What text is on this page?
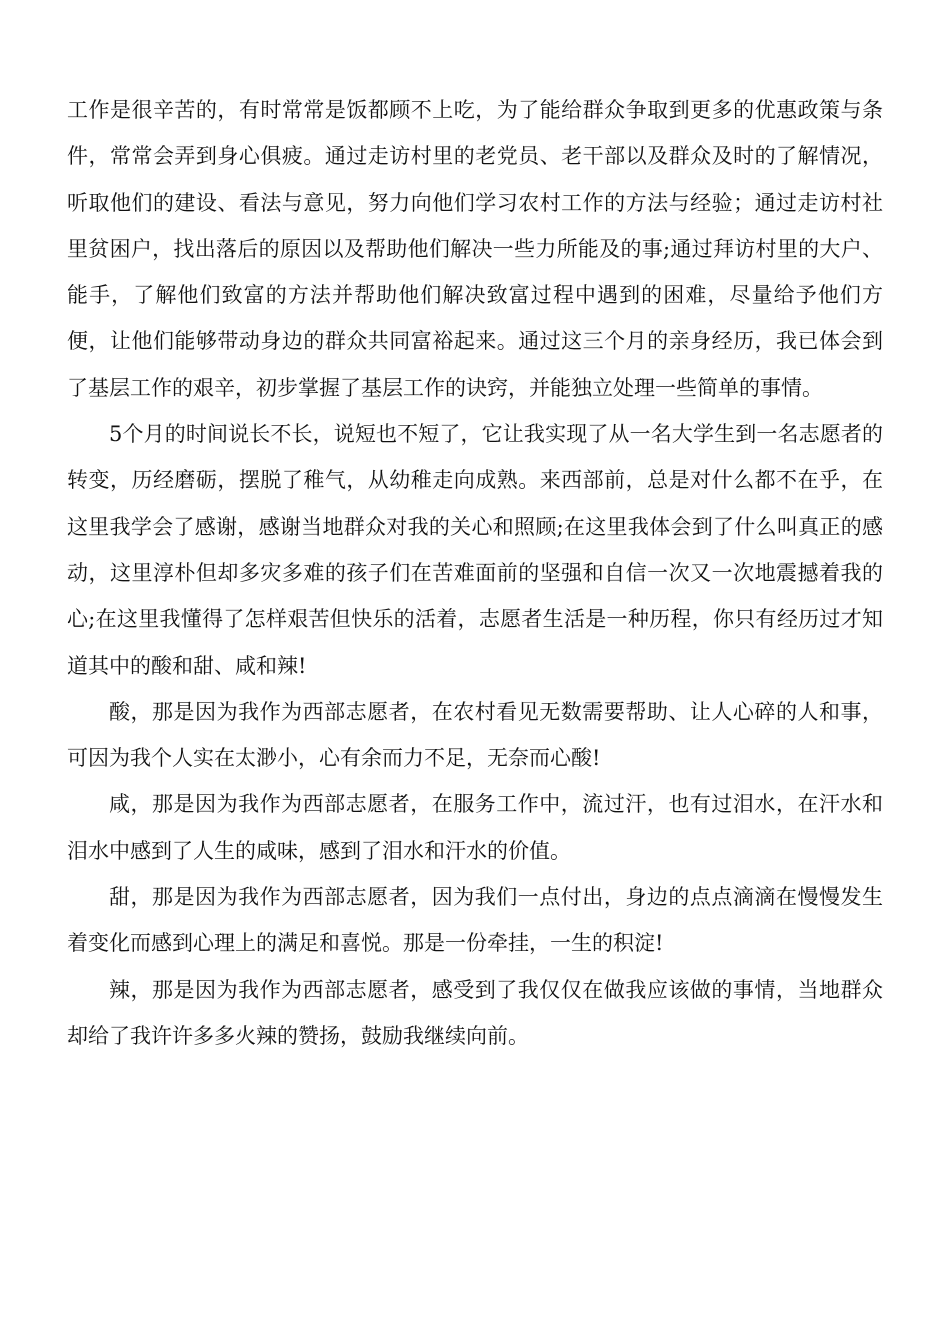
工作是很辛苦的，有时常常是饭都顾不上吃，为了能给群众争取到更多的优惠政策与条件，常常会弄到身心俱疲。通过走访村里的老党员、老干部以及群众及时的了解情况，听取他们的建设、看法与意见，努力向他们学习农村工作的方法与经验；通过走访村社里贫困户，找出落后的原因以及帮助他们解决一些力所能及的事;通过拜访村里的大户、能手，了解他们致富的方法并帮助他们解决致富过程中遇到的困难，尽量给予他们方便，让他们能够带动身边的群众共同富裕起来。通过这三个月的亲身经历，我已体会到了基层工作的艰辛，初步掌握了基层工作的诀窍，并能独立处理一些简单的事情。

5个月的时间说长不长，说短也不短了，它让我实现了从一名大学生到一名志愿者的转变，历经磨砺，摆脱了稚气，从幼稚走向成熟。来西部前，总是对什么都不在乎，在这里我学会了感谢，感谢当地群众对我的关心和照顾;在这里我体会到了什么叫真正的感动，这里淳朴但却多灾多难的孩子们在苦难面前的坚强和自信一次又一次地震撼着我的心;在这里我懂得了怎样艰苦但快乐的活着，志愿者生活是一种历程，你只有经历过才知道其中的酸和甜、咸和辣!

酸，那是因为我作为西部志愿者，在农村看见无数需要帮助、让人心碎的人和事，可因为我个人实在太渺小，心有余而力不足，无奈而心酸!

咸，那是因为我作为西部志愿者，在服务工作中，流过汗，也有过泪水，在汗水和泪水中感到了人生的咸味，感到了泪水和汗水的价值。

甜，那是因为我作为西部志愿者，因为我们一点付出，身边的点点滴滴在慢慢发生着变化而感到心理上的满足和喜悦。那是一份牵挂，一生的积淀!

辣，那是因为我作为西部志愿者，感受到了我仅仅在做我应该做的事情，当地群众却给了我许许多多火辣的赞扬，鼓励我继续向前。
